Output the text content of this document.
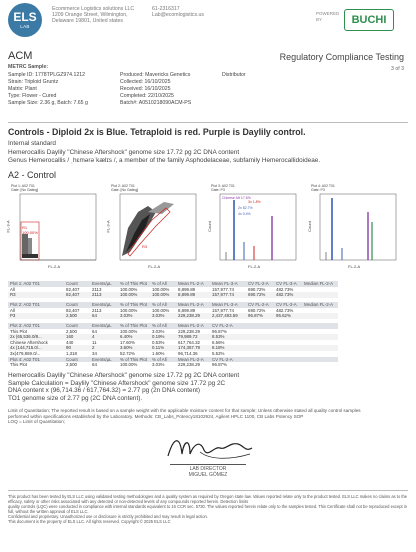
ELS
LAB
Ecommerce Logistics solutions LLC
1209 Orange Street, Wilmington,
Delaware 19801, United states
61-2316317
Lab@ecomlogistics.us	POWERED
BY	BUCHI
ACM	Regulatory Compliance Testing
METRC Sample:	3 of 3
Sample ID: 1778TPLGZ974.1212
Strain: Triploid Gruntz
Matrix: Plant
Type: Flower - Cured
Sample Size: 2.36 g, Batch: 7.65 g
Produced: Mavericks Genetics
Collected: 16/10/2025
Received: 16/10/2025
Completed: 22/10/2025
Batch#: A0510218090ACM-PS
Distributor
Controls - Diploid 2x is Blue. Tetraploid is red. Purple is Daylily control.
Internal standard
Hemerocallis Daylily "Chinese Aftershock" genome size 17.72 pg 2C DNA content
Genus Hemerocallis / ˌhɛmərəˈkælɪs /, a member of the family Asphodelaceae, subfamily Hemerocallidoideae.
A2 - Control
Plot 1: A02 T01
Gate: [No Gating]
R1
100.00%
FL-2-A
FL-3-A
Plot 2: A02 T01
Gate: [No Gating]
R3
FL-2-A
FL-3-A
Plot 3: A02 T01
Gate: P3
Chinese Aft 17.6%
3x 1.8%
2x 52.7%
4x 0.4%
FL-2-A
Count
Plot 4: A02 T01
Gate: P3
FL-2-A
Count
Plot 1: A02 T01	Count	Events/µL	% of This Plot	% of All	Mean FL-2-A	Mean FL-3-A	CV FL-2-A	CV FL-3-A	Median FL-2-A
All	82,407	2113	100.00%	100.00%	8,899.89	157,977.74	690.72%	482.73%	
R3	82,407	2113	100.00%	100.00%	8,899.89	157,977.74	690.72%	482.73%	
Plot 2: A02 T01	Count	Events/µL	% of This Plot	% of All	Mean FL-2-A	Mean FL-3-A	CV FL-2-A	CV FL-3-A	Median FL-2-A
All	82,407	2113	100.00%	100.00%	8,899.89	157,977.74	690.72%	482.73%	
P3	2,500	64	3.03%	3.03%	229,238.29	2,437,493.59	96.87%	95.62%	
Plot 3: A02 T01	Count	Events/µL	% of This Plot	% of All	Mean FL-2-A	CV FL-2-A			
This Plot	2,500	64	100.00%	3.03%	229,238.29	96.87%			
2x (65,536.0/8...	160	4	6.40%	0.19%	79,989.72	8.53%			
Chinese Aftershock	440	11	17.60%	0.53%	617,764.32	6.56%			
4x (144,715.0/...	90	2	3.60%	0.11%	174,357.79	8.18%			
3x(479,869.0/...	1,318	34	52.72%	1.60%	96,714.36	5.52%			
Plot 4: A02 T01	Count	Events/µL	% of This Plot	% of All	Mean FL-2-A	CV FL-2-A			
This Plot	2,500	64	100.00%	3.03%	229,238.29	96.87%			
Hemerocallis Daylily "Chinese Aftershock" genome size 17.72 pg 2C DNA content
Sample Calculation = Daylily "Chinese Aftershock" genome size 17.72 pg 2C
DNA content x (96,714.36 / 617,764.32) = 2.77 pg (2n DNA content)
TO1 genome size of 2.77 pg (2C DNA content).
Limit of Quantitation; The reported result is based on a sample weight with the applicable moisture content for that sample; Unless otherwise stated all quality control samples
performed within specifications established by the Laboratory. Methods: CB_Labs_Potency18102924, Agilent HPLC 1100, CB Labs Potency SOP
LOQ = Limit of Quantitation;
LAB DIRECTOR
MIGUEL GÓMEZ
This product has been tested by ELS LLC using validated testing methodologies and a quality system as required by Oregon state law. Values reported relate only to the product tested. ELS LLC makes no claims as to the efficacy, safety or other risks associated with any detected or non-detected levels of any compounds reported herein. Detection limits
quality controls (LQC) were conducted in compliance with internal standards equivalent to 16 CCR sec. 5730. The values reported herein relate only to the samples tested. This Certificate shall not be reproduced except in full, without the written approval of ELS LLC.
Confidential and proprietary. Unauthorized use or disclosure is strictly prohibited and may result in legal action.
This document is the property of ELS LLC. All rights reserved. Copyright © 2025 ELS LLC
